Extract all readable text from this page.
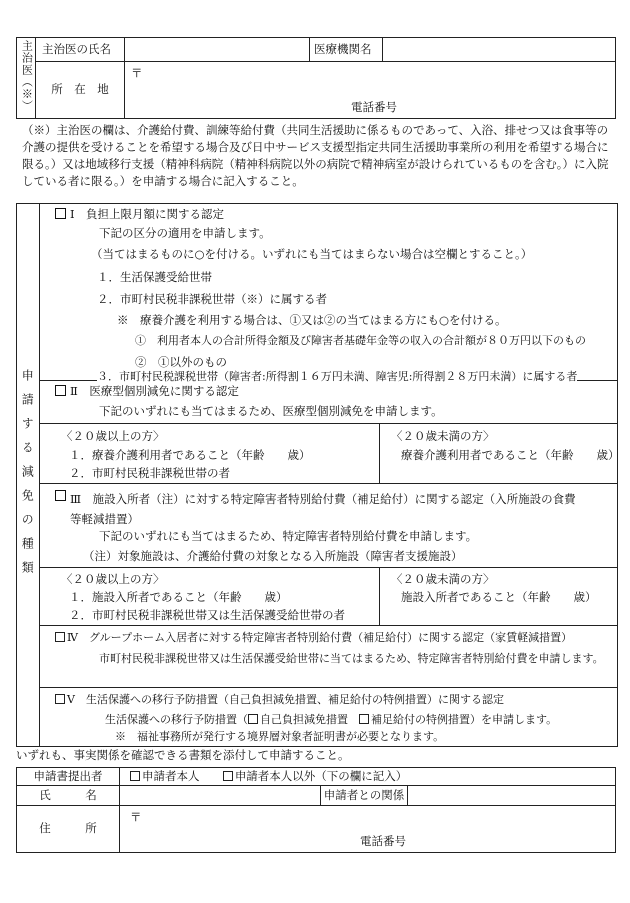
主治医（※）	主治医の氏名		医療機関名	
	所　在　地	〒
電話番号		
（※）主治医の欄は、介護給付費、訓練等給付費（共同生活援助に係るものであって、入浴、排せつ又は食事等の介護の提供を受けることを希望する場合及び日中サービス支援型指定共同生活援助事業所の利用を希望する場合に限る。）又は地域移行支援（精神科病院（精神科病院以外の病院で精神病室が設けられているものを含む。）に入院している者に限る。）を申請する場合に記入すること。
申請する減免の種類
Ⅰ　負担上限月額に関する認定
下記の区分の適用を申請します。
（当てはまるものに○を付ける。いずれにも当てはまらない場合は空欄とすること。）
１．生活保護受給世帯
２．市町村民税非課税世帯（※）に属する者
※　療養介護を利用する場合は、①又は②の当てはまる方にも○を付ける。
①　利用者本人の合計所得金額及び障害者基礎年金等の収入の合計額が８０万円以下のもの
②　①以外のもの
３．市町村民税課税世帯（障害者:所得割１６万円未満、障害児:所得割２８万円未満）に属する者
Ⅱ　医療型個別減免に関する認定
下記のいずれにも当てはまるため、医療型個別減免を申請します。
〈２０歳以上の方〉
１．療養介護利用者であること（年齢　　歳）
２．市町村民税非課税世帯の者
〈２０歳未満の方〉
療養介護利用者であること（年齢　　歳）
Ⅲ　施設入所者（注）に対する特定障害者特別給付費（補足給付）に関する認定（入所施設の食費等軽減措置）
下記のいずれにも当てはまるため、特定障害者特別給付費を申請します。
（注）対象施設は、介護給付費の対象となる入所施設（障害者支援施設）
〈２０歳以上の方〉
１．施設入所者であること（年齢　　歳）
２．市町村民税非課税世帯又は生活保護受給世帯の者
〈２０歳未満の方〉
施設入所者であること（年齢　　歳）
Ⅳ　グループホーム入居者に対する特定障害者特別給付費（補足給付）に関する認定（家賃軽減措置）
市町村民税非課税世帯又は生活保護受給世帯に当てはまるため、特定障害者特別給付費を申請します。
Ⅴ　生活保護への移行予防措置（自己負担減免措置、補足給付の特例措置）に関する認定
生活保護への移行予防措置（ 自己負担減免措置　 補足給付の特例措置）を申請します。
※　福祉事務所が発行する境界層対象者証明書が必要となります。
いずれも、事実関係を確認できる書類を添付して申請すること。
申請書提出者	申請者本人 申請者本人以外（下の欄に記入）		
氏　　　名		申請者との関係	
住　　　所	〒
電話番号		
